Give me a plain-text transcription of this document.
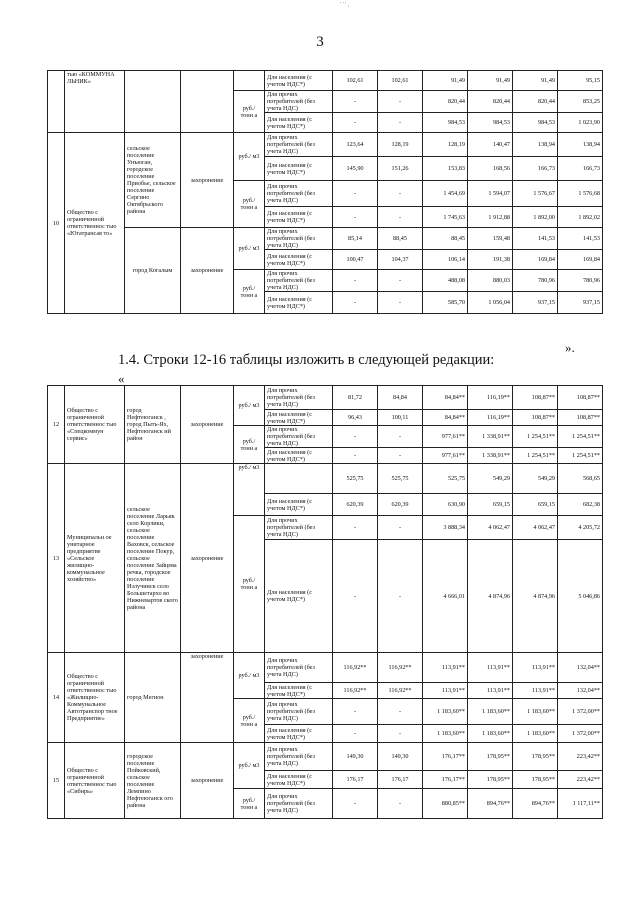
' ' ' ,
3
	тью «КОММУНА ЛЬНИК»				Для населения (с учетом НДС*)	102,61	102,61	91,49	91,49	91,49	95,15
				руб./ тонн а	Для прочих потребителей (без учета НДС)	-	-	820,44	820,44	820,44	853,25
					Для населения (с учетом НДС*)	-	-	984,53	984,53	984,53	1 023,90
10	Общество с ограниченной ответственнос тью «Югатрансав то»	сельское поселение Унъюган, городское поселение Приобье, сельское поселение Сергино Октябрьского района	захоронение	руб./ м3	Для прочих потребителей (без учета НДС)	123,64	128,19	128,19	140,47	138,94	138,94
					Для населения (с учетом НДС*)	145,90	151,26	153,83	168,56	166,73	166,73
				руб./ тонн а	Для прочих потребителей (без учета НДС)	-	-	1 454,69	1 594,07	1 576,67	1 576,68
					Для населения (с учетом НДС*)	-	-	1 745,63	1 912,88	1 892,00	1 892,02
		город Когалым	захоронение	руб./ м3	Для прочих потребителей (без учета НДС)	85,14	88,45	88,45	159,48	141,53	141,53
					Для населения (с учетом НДС*)	100,47	104,37	106,14	191,38	169,84	169,84
				руб./ тонн а	Для прочих потребителей (без учета НДС)	-	-	488,08	880,03	780,96	780,96
					Для населения (с учетом НДС*)	-	-	585,70	1 056,04	937,15	937,15
».
1.4. Строки 12-16 таблицы изложить в следующей редакции:
«
12	Общество с ограниченной ответственнос тью «Спецкоммун сервис»	город Нефтеюганск , город Пыть-Ях, Нефтеюганск ий район	захоронение	руб./ м3	Для прочих потребителей (без учета НДС)	81,72	84,84	84,84**	116,19**	108,87**	108,87**
					Для населения (с учетом НДС*)	96,43	100,11	84,84**	116,19**	108,87**	108,87**
				руб./ тонн а	Для прочих потребителей (без учета НДС)	-	-	977,61**	1 338,91**	1 254,51**	1 254,51**
					Для населения (с учетом НДС*)	-	-	977,61**	1 338,91**	1 254,51**	1 254,51**
13	Муниципальн ое унитарное предприятие «Сельское жилищно-коммунальное хозяйство»	сельское поселение Ларьяк село Корлики, сельское поселение Ваховск, сельское поселение Покур, сельское поселение Зайцева речка, городское поселение Излучинск село Большетархо во Нижневартов ского района	захоронение	руб./ м3		525,75	525,75	525,75	549,29	549,29	568,65
					Для населения (с учетом НДС*)	620,39	620,39	630,90	659,15	659,15	682,38
				руб./ тонн а	Для прочих потребителей (без учета НДС)	-	-	3 888,34	4 062,47	4 062,47	4 205,72
					Для населения (с учетом НДС*)	-	-	4 666,01	4 874,96	4 874,96	5 046,86
14	Общество с ограниченной ответственнос тью «Жилищно-Коммунальное Автотранспор тное Предприятие»	город Мегион	захоронение	руб./ м3	Для прочих потребителей (без учета НДС)	116,92**	116,92**	113,91**	113,91**	113,91**	132,04**
					Для населения (с учетом НДС*)	116,92**	116,92**	113,91**	113,91**	113,91**	132,04**
				руб./ тонн а	Для прочих потребителей (без учета НДС)	-	-	1 183,60**	1 183,60**	1 183,60**	1 372,00**
					Для населения (с учетом НДС*)	-	-	1 183,60**	1 183,60**	1 183,60**	1 372,00**
15	Общество с ограниченной ответственнос тью «Сибирь»	городское поселение Пойковский, сельское поселение Лемпино Нефтеюганск ого района	захоронение	руб./ м3	Для прочих потребителей (без учета НДС)	149,30	149,30	176,17**	178,95**	178,95**	223,42**
					Для населения (с учетом НДС*)	176,17	176,17	176,17**	178,95**	178,95**	223,42**
				руб./ тонн а	Для прочих потребителей (без учета НДС)	-	-	880,85**	894,76**	894,76**	1 117,11**
